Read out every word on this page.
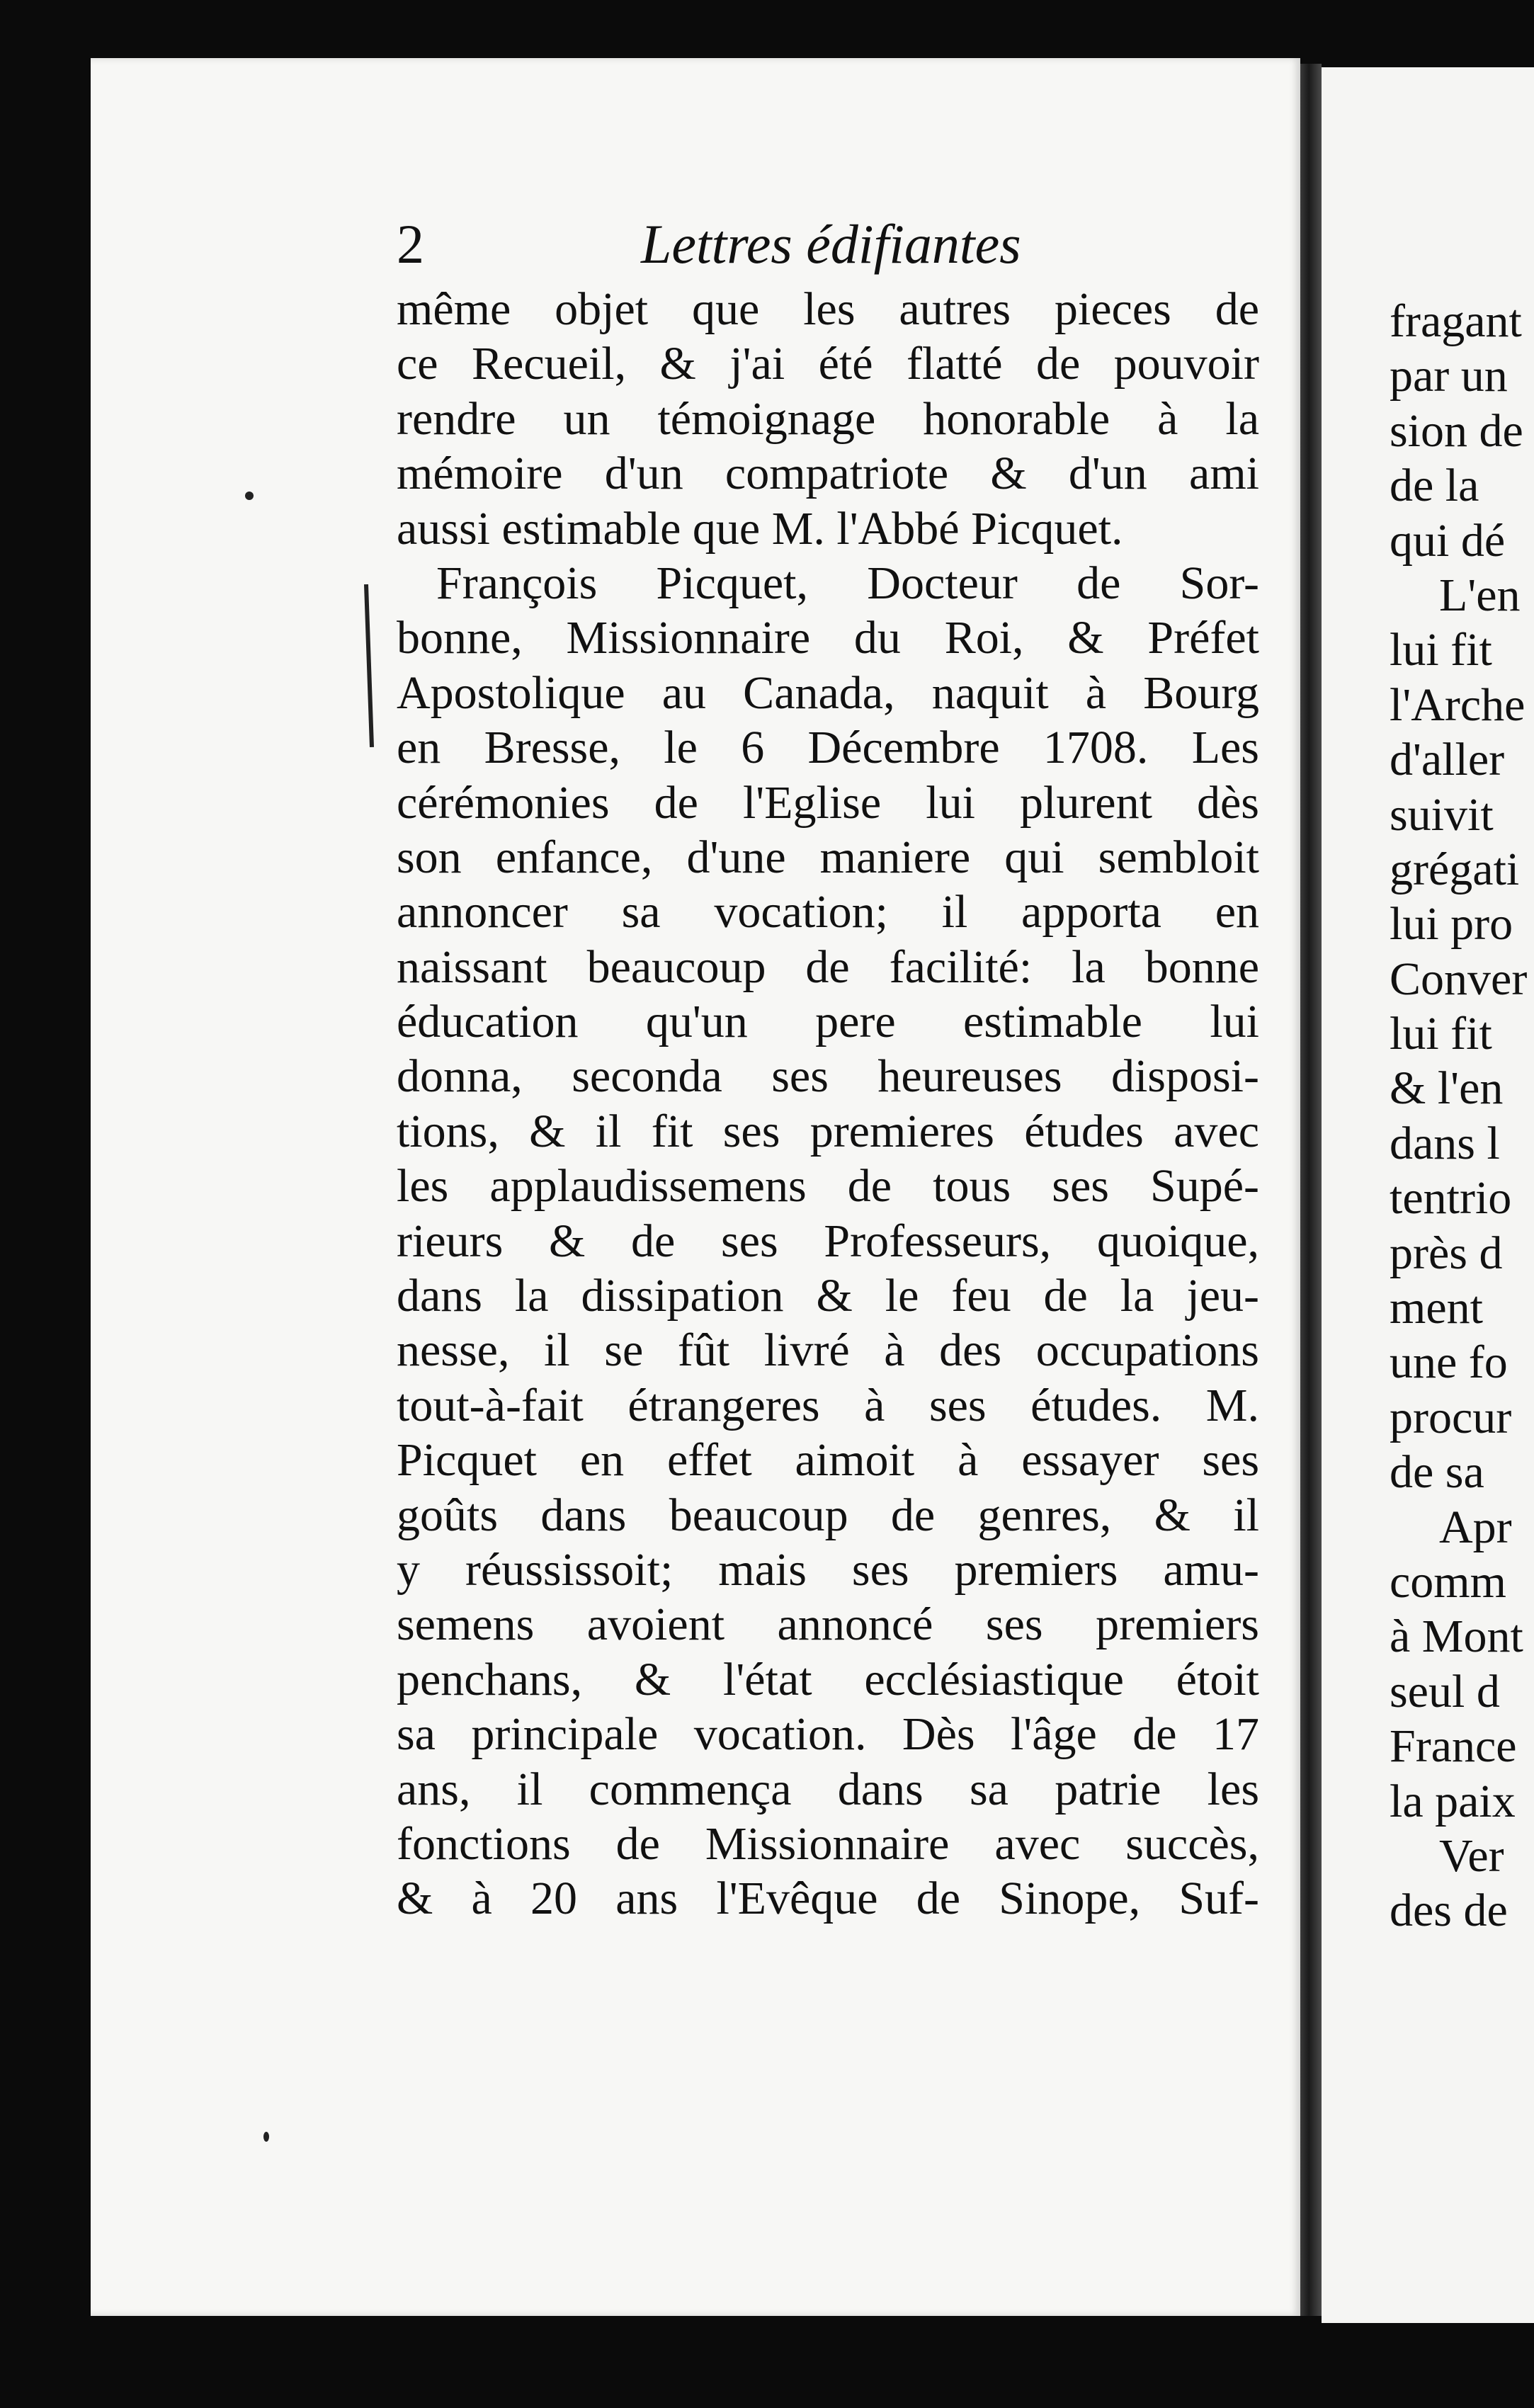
2	Lettres édifiantes
même objet que les autres pieces de
ce Recueil, & j'ai été flatté de pouvoir
rendre un témoignage honorable à la
mémoire d'un compatriote & d'un ami
aussi estimable que M. l'Abbé Picquet.
François Picquet, Docteur de Sor-
bonne, Missionnaire du Roi, & Préfet
Apostolique au Canada, naquit à Bourg
en Bresse, le 6 Décembre 1708. Les
cérémonies de l'Eglise lui plurent dès
son enfance, d'une maniere qui sembloit
annoncer sa vocation; il apporta en
naissant beaucoup de facilité: la bonne
éducation qu'un pere estimable lui
donna, seconda ses heureuses disposi-
tions, & il fit ses premieres études avec
les applaudissemens de tous ses Supé-
rieurs & de ses Professeurs, quoique,
dans la dissipation & le feu de la jeu-
nesse, il se fût livré à des occupations
tout-à-fait étrangeres à ses études. M.
Picquet en effet aimoit à essayer ses
goûts dans beaucoup de genres, & il
y réussissoit; mais ses premiers amu-
semens avoient annoncé ses premiers
penchans, & l'état ecclésiastique étoit
sa principale vocation. Dès l'âge de 17
ans, il commença dans sa patrie les
fonctions de Missionnaire avec succès,
& à 20 ans l'Evêque de Sinope, Suf-
fragant
par un
sion de
de la
qui dé
L'en
lui fit
l'Arche
d'aller
suivit
grégati
lui pro
Conver
lui fit
& l'en
dans l
tentrio
près d
ment
une fo
procur
de sa
Apr
comm
à Mont
seul d
France
la paix
Ver
des de
